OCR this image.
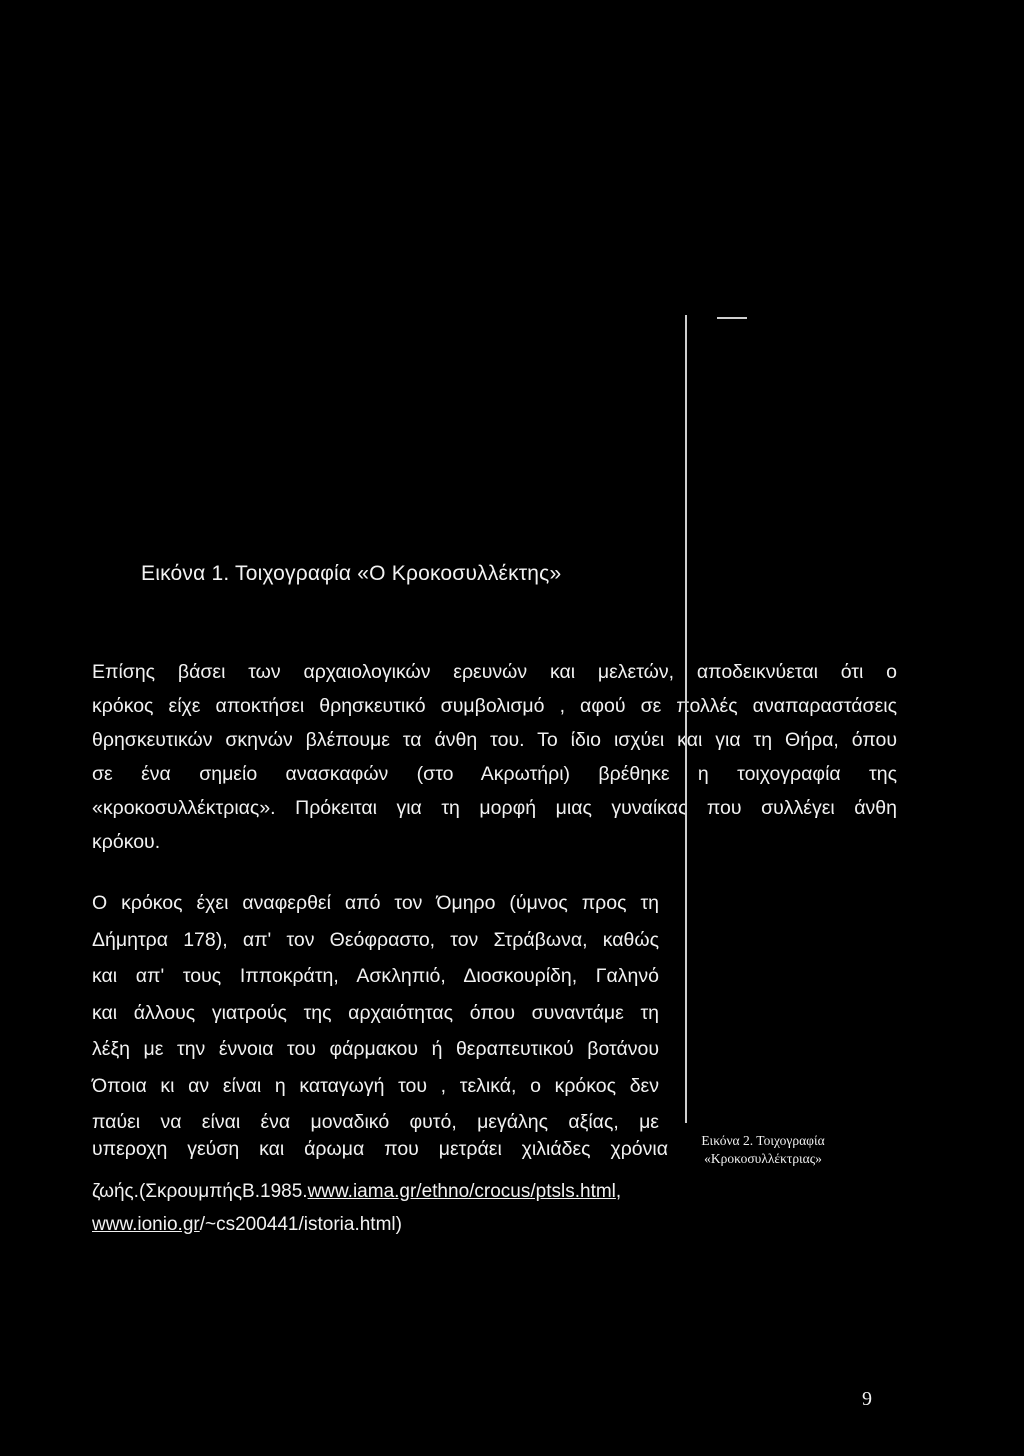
Εικόνα 1. Τοιχογραφία «Ο Κροκοσυλλέκτης»
Επίσης βάσει των αρχαιολογικών ερευνών και μελετών, αποδεικνύεται ότι ο
κρόκος είχε αποκτήσει θρησκευτικό συμβολισμό , αφού σε πολλές αναπαραστάσεις
θρησκευτικών σκηνών βλέπουμε τα άνθη του. Το ίδιο ισχύει και για τη Θήρα, όπου
σε ένα σημείο ανασκαφών (στο Ακρωτήρι) βρέθηκε η τοιχογραφία της
«κροκοσυλλέκτριας». Πρόκειται για τη μορφή μιας γυναίκας που συλλέγει άνθη
κρόκου.
Ο κρόκος έχει αναφερθεί από τον Όμηρο (ύμνος προς τη
Δήμητρα 178), απ' τον Θεόφραστο, τον Στράβωνα, καθώς
και απ' τους Ιπποκράτη, Ασκληπιό, Διοσκουρίδη, Γαληνό
και άλλους γιατρούς της αρχαιότητας όπου συναντάμε τη
λέξη με την έννοια του φάρμακου ή θεραπευτικού βοτάνου
Όποια κι αν είναι η καταγωγή του , τελικά, ο κρόκος δεν
παύει να είναι ένα μοναδικό φυτό, μεγάλης αξίας, με
υπεροχη γεύση και άρωμα που μετράει χιλιάδες χρόνια
ζωής.(ΣκρουμπήςΒ.1985.www.iama.gr/ethno/crocus/ptsls.html,
www.ionio.gr/~cs200441/istoria.html)
Εικόνα 2. Τοιχογραφία
«Κροκοσυλλέκτριας»
9
